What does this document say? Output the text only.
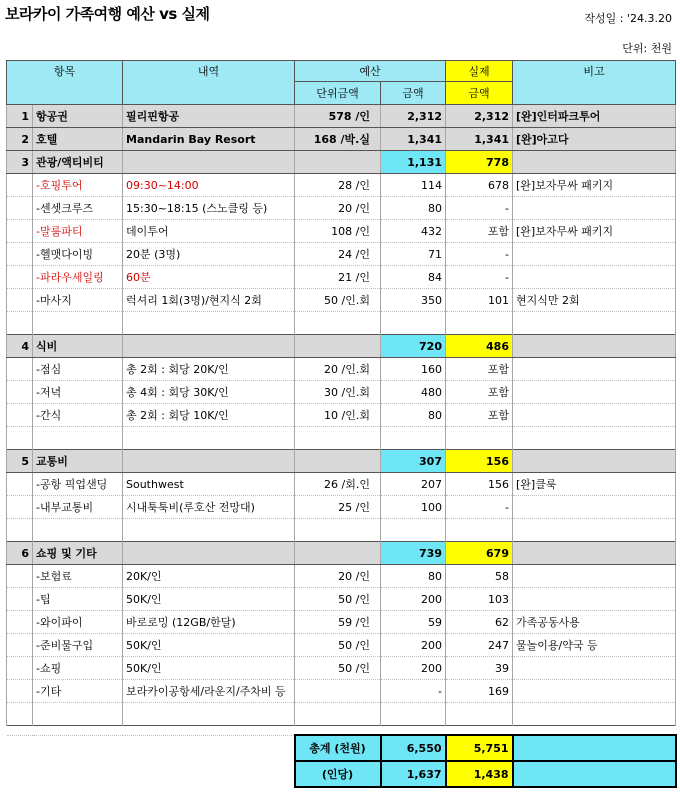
보라카이 가족여행 예산 vs 실제	작성일 : '24.3.20
단위: 천원
항목		내역	예산		실제	비고
			단위금액	금액	금액	
1	항공권	필리핀항공	578 /인	2,312	2,312	[완]인터파크투어
2	호텔	Mandarin Bay Resort	168 /박.실	1,341	1,341	[완]아고다
3	관광/액티비티			1,131	778	
	-호핑투어	09:30~14:00	28 /인	114	678	[완]보자무싸 패키지
	-센셋크루즈	15:30~18:15 (스노클링 등)	20 /인	80	-	
	-말룸파티	데이투어	108 /인	432	포함	[완]보자무싸 패키지
	-헬맷다이빙	20분 (3명)	24 /인	71	-	
	-파라우세일링	60분	21 /인	84	-	
	-마사지	럭셔리 1회(3명)/현지식 2회	50 /인.회	350	101	현지식만 2회

4	식비			720	486	
	-점심	총 2회 : 회당 20K/인	20 /인.회	160	포함	
	-저녁	총 4회 : 회당 30K/인	30 /인.회	480	포함	
	-간식	총 2회 : 회당 10K/인	10 /인.회	80	포함	

5	교통비			307	156	
	-공항 픽업샌딩	Southwest	26 /회.인	207	156	[완]클룩
	-내부교통비	시내툭툭비(루호산 전망대)	25 /인	100	-	

6	쇼핑 및 기타			739	679	
	-보험료	20K/인	20 /인	80	58	
	-팁	50K/인	50 /인	200	103	
	-와이파이	바로로밍 (12GB/한달)	59 /인	59	62	가족공동사용
	-준비물구입	50K/인	50 /인	200	247	물놀이용/약국 등
	-쇼핑	50K/인	50 /인	200	39	
	-기타	보라카이공항세/라운지/주차비 등		-	169	

			총계 (천원)	6,550	5,751	
			(인당)	1,637	1,438	
